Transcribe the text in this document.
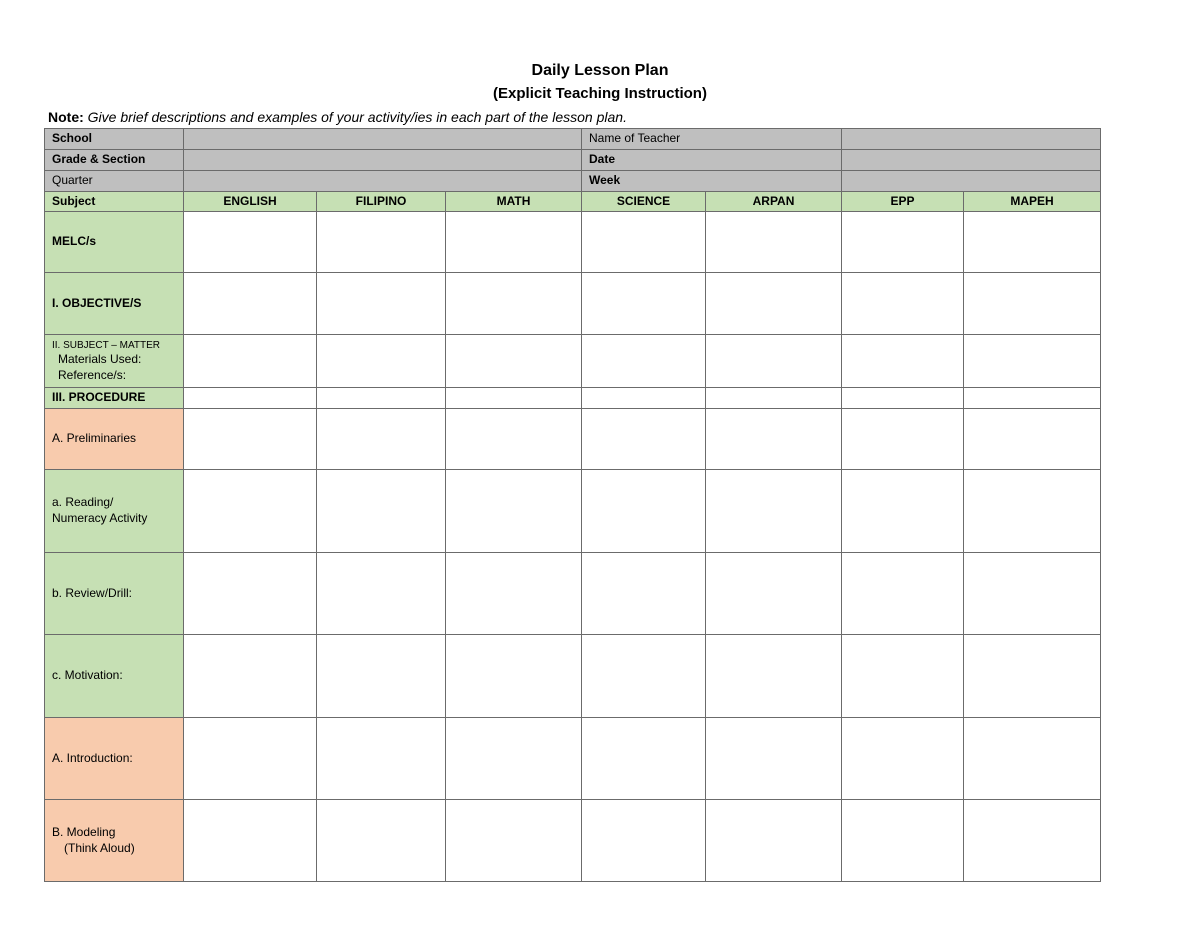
Daily Lesson Plan
(Explicit Teaching Instruction)
Note: Give brief descriptions and examples of your activity/ies in each part of the lesson plan.
School				Name of Teacher			
Grade & Section				Date			
Quarter				Week			
Subject	ENGLISH	FILIPINO	MATH	SCIENCE	ARPAN	EPP	MAPEH
MELC/s							
I. OBJECTIVE/S							

II. SUBJECT – MATTER
Materials Used:
Reference/s:							

III. PROCEDURE							
A. Preliminaries							

a. Reading/
Numeracy Activity							

b. Review/Drill:							
c. Motivation:							
A. Introduction:							

B. Modeling
(Think Aloud)							
